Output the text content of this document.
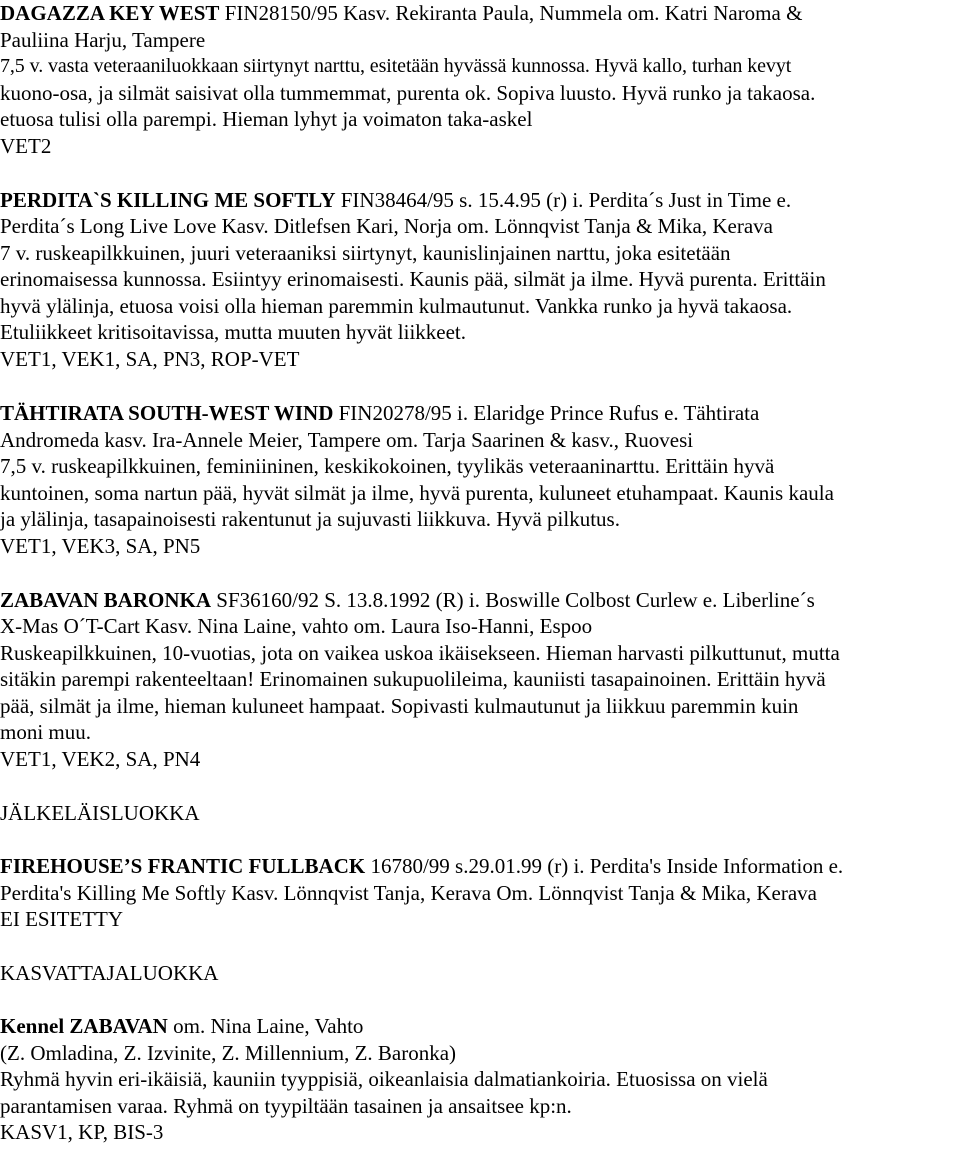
DAGAZZA KEY WEST FIN28150/95 Kasv. Rekiranta Paula, Nummela om. Katri Naroma &
Pauliina Harju, Tampere
7,5 v. vasta veteraaniluokkaan siirtynyt narttu, esitetään hyvässä kunnossa. Hyvä kallo, turhan kevyt
kuono-osa, ja silmät saisivat olla tummemmat, purenta ok. Sopiva luusto. Hyvä runko ja takaosa.
etuosa tulisi olla parempi. Hieman lyhyt ja voimaton taka-askel
VET2
PERDITA`S KILLING ME SOFTLY FIN38464/95 s. 15.4.95 (r) i. Perdita´s Just in Time e.
Perdita´s Long Live Love Kasv. Ditlefsen Kari, Norja om. Lönnqvist Tanja & Mika, Kerava
7 v. ruskeapilkkuinen, juuri veteraaniksi siirtynyt, kaunislinjainen narttu, joka esitetään
erinomaisessa kunnossa. Esiintyy erinomaisesti. Kaunis pää, silmät ja ilme. Hyvä purenta. Erittäin
hyvä ylälinja, etuosa voisi olla hieman paremmin kulmautunut. Vankka runko ja hyvä takaosa.
Etuliikkeet kritisoitavissa, mutta muuten hyvät liikkeet.
VET1, VEK1, SA, PN3, ROP-VET
TÄHTIRATA SOUTH-WEST WIND FIN20278/95 i. Elaridge Prince Rufus e. Tähtirata
Andromeda kasv. Ira-Annele Meier, Tampere om. Tarja Saarinen & kasv., Ruovesi
7,5 v. ruskeapilkkuinen, feminiininen, keskikokoinen, tyylikäs veteraaninarttu. Erittäin hyvä
kuntoinen, soma nartun pää, hyvät silmät ja ilme, hyvä purenta, kuluneet etuhampaat. Kaunis kaula
ja ylälinja, tasapainoisesti rakentunut ja sujuvasti liikkuva. Hyvä pilkutus.
VET1, VEK3, SA, PN5
ZABAVAN BARONKA SF36160/92 S. 13.8.1992 (R) i. Boswille Colbost Curlew e. Liberline´s
X-Mas O´T-Cart Kasv. Nina Laine, vahto om. Laura Iso-Hanni, Espoo
Ruskeapilkkuinen, 10-vuotias, jota on vaikea uskoa ikäisekseen. Hieman harvasti pilkuttunut, mutta
sitäkin parempi rakenteeltaan! Erinomainen sukupuolileima, kauniisti tasapainoinen. Erittäin hyvä
pää, silmät ja ilme, hieman kuluneet hampaat. Sopivasti kulmautunut ja liikkuu paremmin kuin
moni muu.
VET1, VEK2, SA, PN4
JÄLKELÄISLUOKKA
FIREHOUSE’S FRANTIC FULLBACK 16780/99 s.29.01.99 (r) i. Perdita's Inside Information e.
Perdita's Killing Me Softly Kasv. Lönnqvist Tanja, Kerava Om. Lönnqvist Tanja & Mika, Kerava
EI ESITETTY
KASVATTAJALUOKKA
Kennel ZABAVAN om. Nina Laine, Vahto
(Z. Omladina, Z. Izvinite, Z. Millennium, Z. Baronka)
Ryhmä hyvin eri-ikäisiä, kauniin tyyppisiä, oikeanlaisia dalmatiankoiria. Etuosissa on vielä
parantamisen varaa. Ryhmä on tyypiltään tasainen ja ansaitsee kp:n.
KASV1, KP, BIS-3
